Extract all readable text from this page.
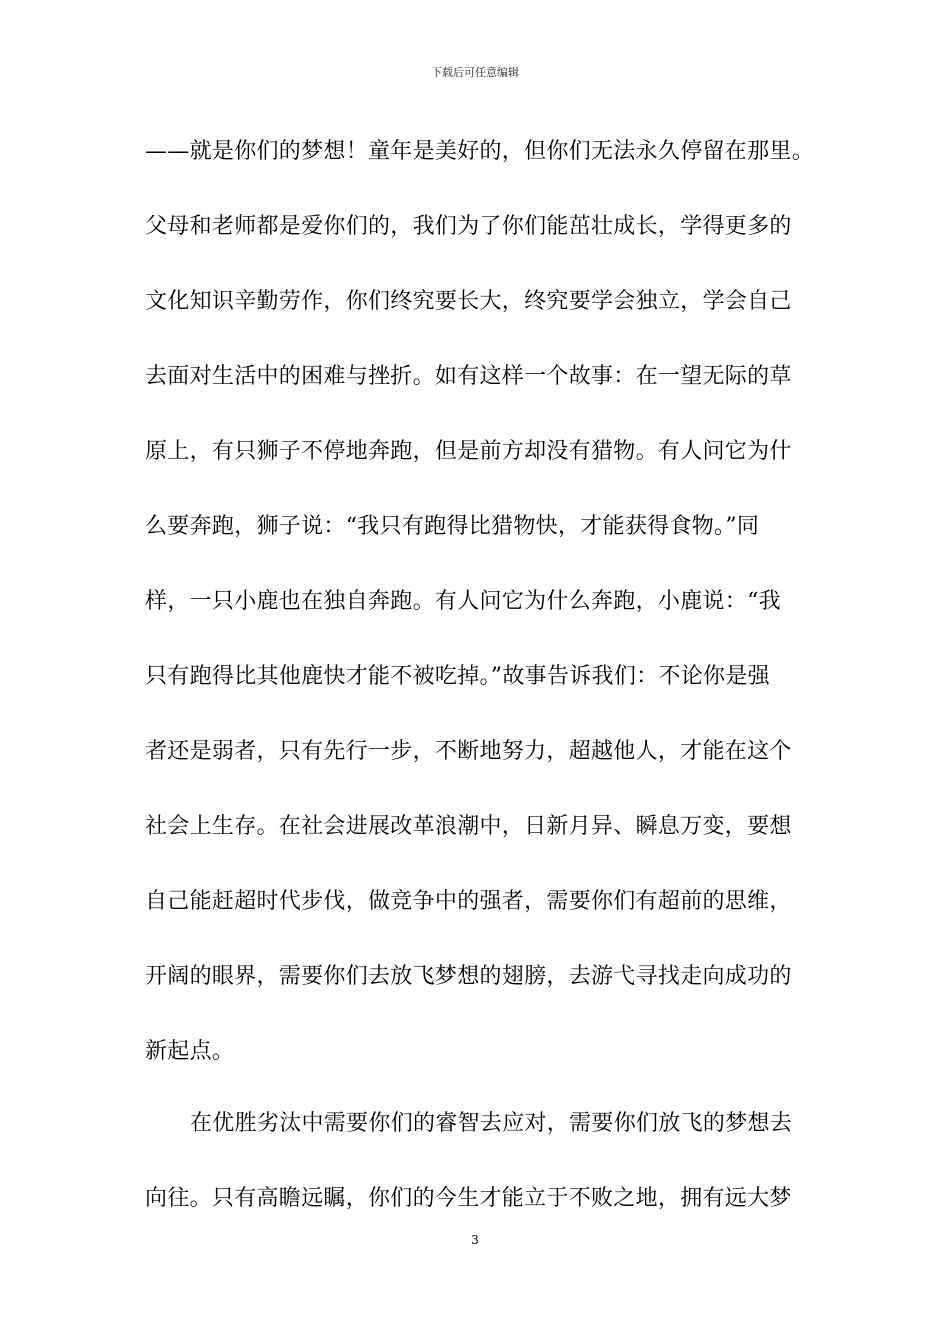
下载后可任意编辑
——就是你们的梦想！童年是美好的，但你们无法永久停留在那里。
父母和老师都是爱你们的，我们为了你们能茁壮成长，学得更多的
文化知识辛勤劳作，你们终究要长大，终究要学会独立，学会自己
去面对生活中的困难与挫折。如有这样一个故事：在一望无际的草
原上，有只狮子不停地奔跑，但是前方却没有猎物。有人问它为什
么要奔跑，狮子说：“我只有跑得比猎物快，才能获得食物。”同
样，一只小鹿也在独自奔跑。有人问它为什么奔跑，小鹿说：“我
只有跑得比其他鹿快才能不被吃掉。”故事告诉我们：不论你是强
者还是弱者，只有先行一步，不断地努力，超越他人，才能在这个
社会上生存。在社会进展改革浪潮中，日新月异、瞬息万变，要想
自己能赶超时代步伐，做竞争中的强者，需要你们有超前的思维，
开阔的眼界，需要你们去放飞梦想的翅膀，去游弋寻找走向成功的
新起点。
在优胜劣汰中需要你们的睿智去应对，需要你们放飞的梦想去
向往。只有高瞻远瞩，你们的今生才能立于不败之地，拥有远大梦
3
